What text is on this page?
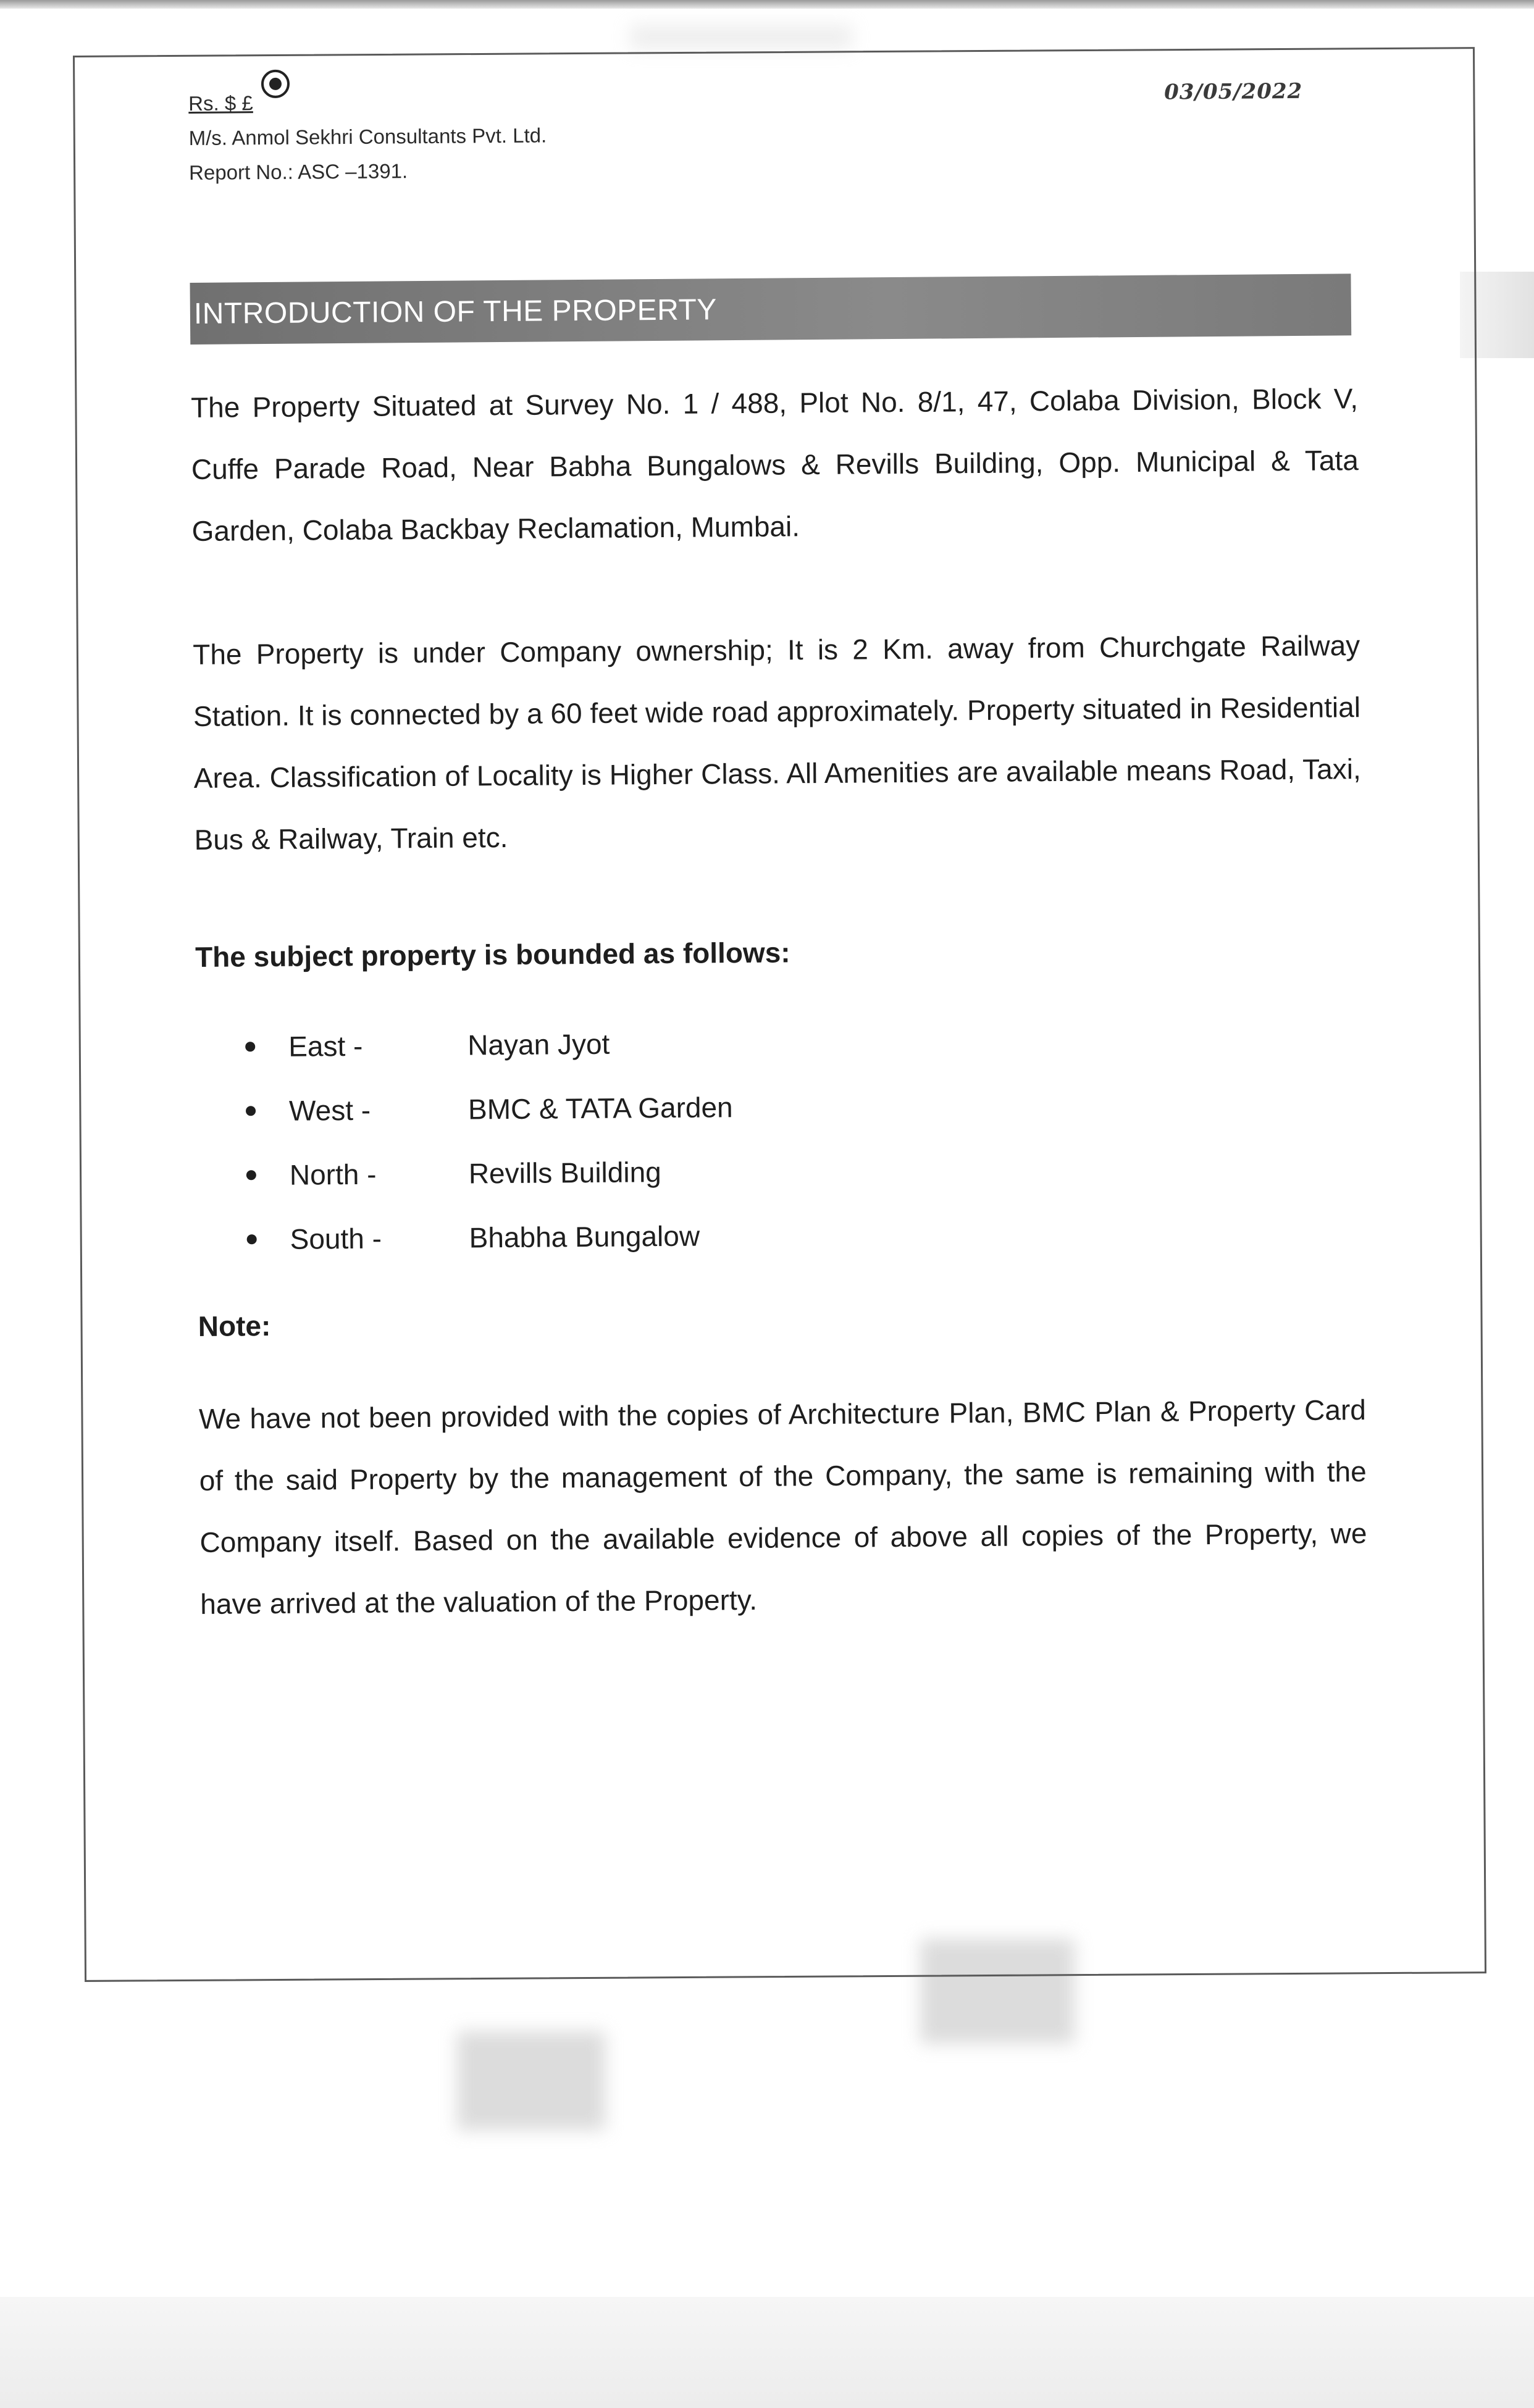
Rs. $ £
M/s. Anmol Sekhri Consultants Pvt. Ltd.
Report No.: ASC –1391.
03/05/2022
INTRODUCTION OF THE PROPERTY

The Property Situated at Survey No. 1 / 488, Plot No. 8/1, 47, Colaba Division, Block V, Cuffe Parade Road, Near Babha Bungalows & Revills Building, Opp. Municipal & Tata Garden, Colaba Backbay Reclamation, Mumbai.

The Property is under Company ownership; It is 2 Km. away from Churchgate Railway Station. It is connected by a 60 feet wide road approximately. Property situated in Residential Area. Classification of Locality is Higher Class. All Amenities are available means Road, Taxi, Bus & Railway, Train etc.

The subject property is bounded as follows:
East -	Nayan Jyot
West -	BMC & TATA Garden
North -	Revills Building
South -	Bhabha Bungalow
Note:

We have not been provided with the copies of Architecture Plan, BMC Plan & Property Card of the said Property by the management of the Company, the same is remaining with the Company itself. Based on the available evidence of above all copies of the Property, we have arrived at the valuation of the Property.
